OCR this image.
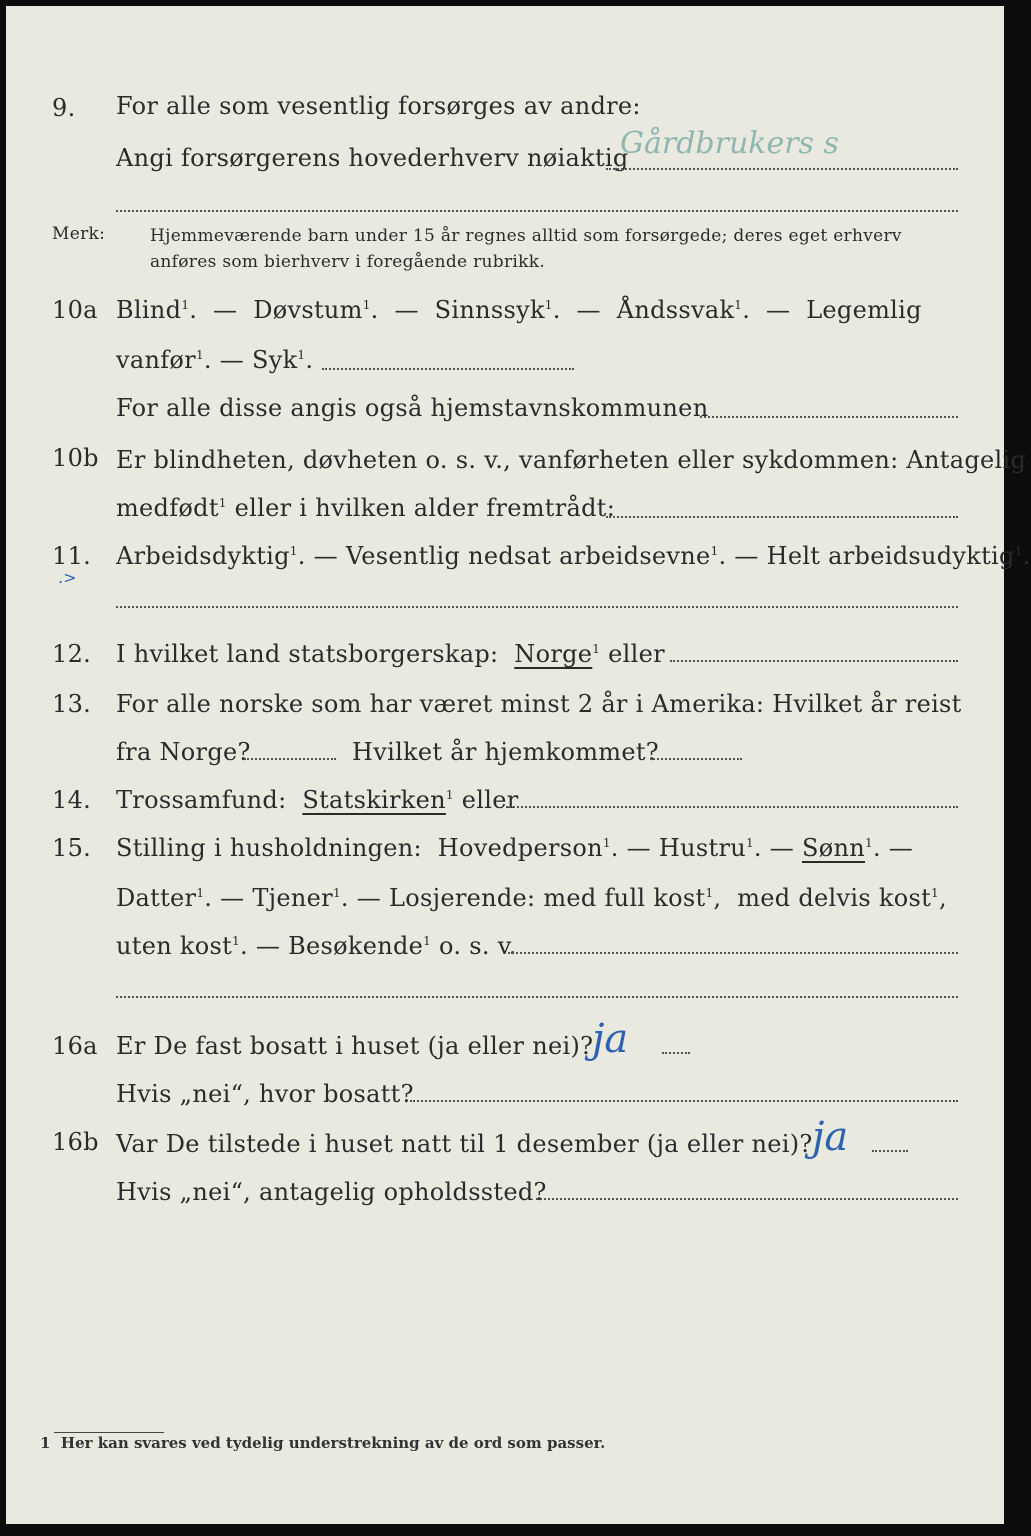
9. For alle som vesentlig forsørges av andre:
Angi forsørgerens hovederhverv nøiaktig
Gårdbrukers s
Merk:	Hjemmeværende barn under 15 år regnes alltid som forsørgede; deres eget erhverv
anføres som bierhverv i foregående rubrikk.
10a Blind$^1$.  —  Døvstum$^1$.  —  Sinnssyk$^1$.  —  Åndssvak$^1$.  —  Legemlig
vanfør$^1$. — Syk$^1$.
For alle disse angis også hjemstavnskommunen
10b Er blindheten, døvheten o. s. v., vanførheten eller sykdommen: Antagelig
medfødt$^1$ eller i hvilken alder fremtrådt:
11.
.>
Arbeidsdyktig$^1$. — Vesentlig nedsat arbeidsevne$^1$. — Helt arbeidsudyktig$^1$.
12. I hvilket land statsborgerskap: Norge$^1$ eller
13. For alle norske som har været minst 2 år i Amerika: Hvilket år reist
fra Norge?	Hvilket år hjemkommet?
14. Trossamfund: Statskirken$^1$ eller
15. Stilling i husholdningen: Hovedperson$^1$. — Hustru$^1$. — Sønn$^1$. —
Datter$^1$. — Tjener$^1$. — Losjerende: med full kost$^1$,  med delvis kost$^1$,
uten kost$^1$. — Besøkende$^1$ o. s. v.
16a Er De fast bosatt i huset (ja eller nei)?
ja
Hvis „nei“, hvor bosatt?
16b Var De tilstede i huset natt til 1 desember (ja eller nei)? ja
Hvis „nei“, antagelig opholdssted?
1 Her kan svares ved tydelig understrekning av de ord som passer.
